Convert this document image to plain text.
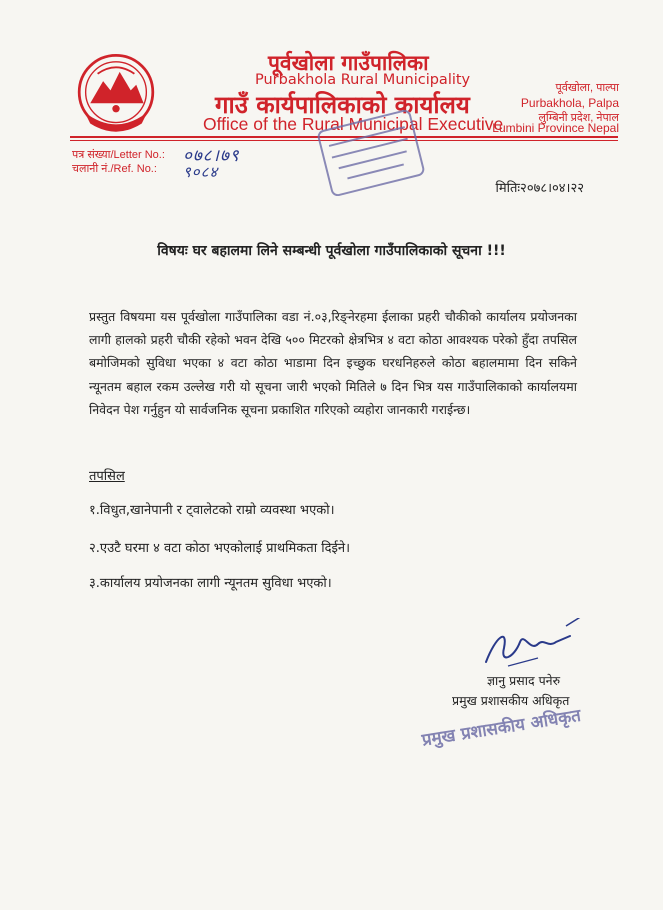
पूर्वखोला गाउँपालिका
Purbakhola Rural Municipality
गाउँ कार्यपालिकाको कार्यालय
Office of the Rural Municipal Executive
पूर्वखोला, पाल्पा
Purbakhola, Palpa
लुम्बिनी प्रदेश, नेपाल
Lumbini Province Nepal
पत्र संख्या/Letter No.:
चलानी नं./Ref. No.:
०७८।७९
९०८४
मितिः२०७८।०४।२२
विषयः घर बहालमा लिने सम्बन्धी पूर्वखोला गाउँपालिकाको सूचना !!!

प्रस्तुत विषयमा यस पूर्वखोला गाउँपालिका वडा नं.०३,रिङ्नेरहमा ईलाका प्रहरी चौकीको कार्यालय प्रयोजनका लागी हालको प्रहरी चौकी रहेको भवन देखि ५०० मिटरको क्षेत्रभित्र ४ वटा कोठा आवश्यक परेको हुँदा तपसिल बमोजिमको सुविधा भएका ४ वटा कोठा भाडामा दिन इच्छुक घरधनिहरुले कोठा बहालमामा दिन सकिने न्यूनतम बहाल रकम उल्लेख गरी यो सूचना जारी भएको मितिले ७ दिन भित्र यस गाउँपालिकाको कार्यालयमा निवेदन पेश गर्नुहुन यो सार्वजनिक सूचना प्रकाशित गरिएको व्यहोरा जानकारी गराईन्छ।

तपसिल
१.विधुत,खानेपानी र ट्वालेटको राम्रो व्यवस्था भएको।
२.एउटै घरमा ४ वटा कोठा भएकोलाई प्राथमिकता दिईने।
३.कार्यालय प्रयोजनका लागी न्यूनतम सुविधा भएको।
ज्ञानु प्रसाद पनेरु
प्रमुख प्रशासकीय अधिकृत
प्रमुख प्रशासकीय अधिकृत
